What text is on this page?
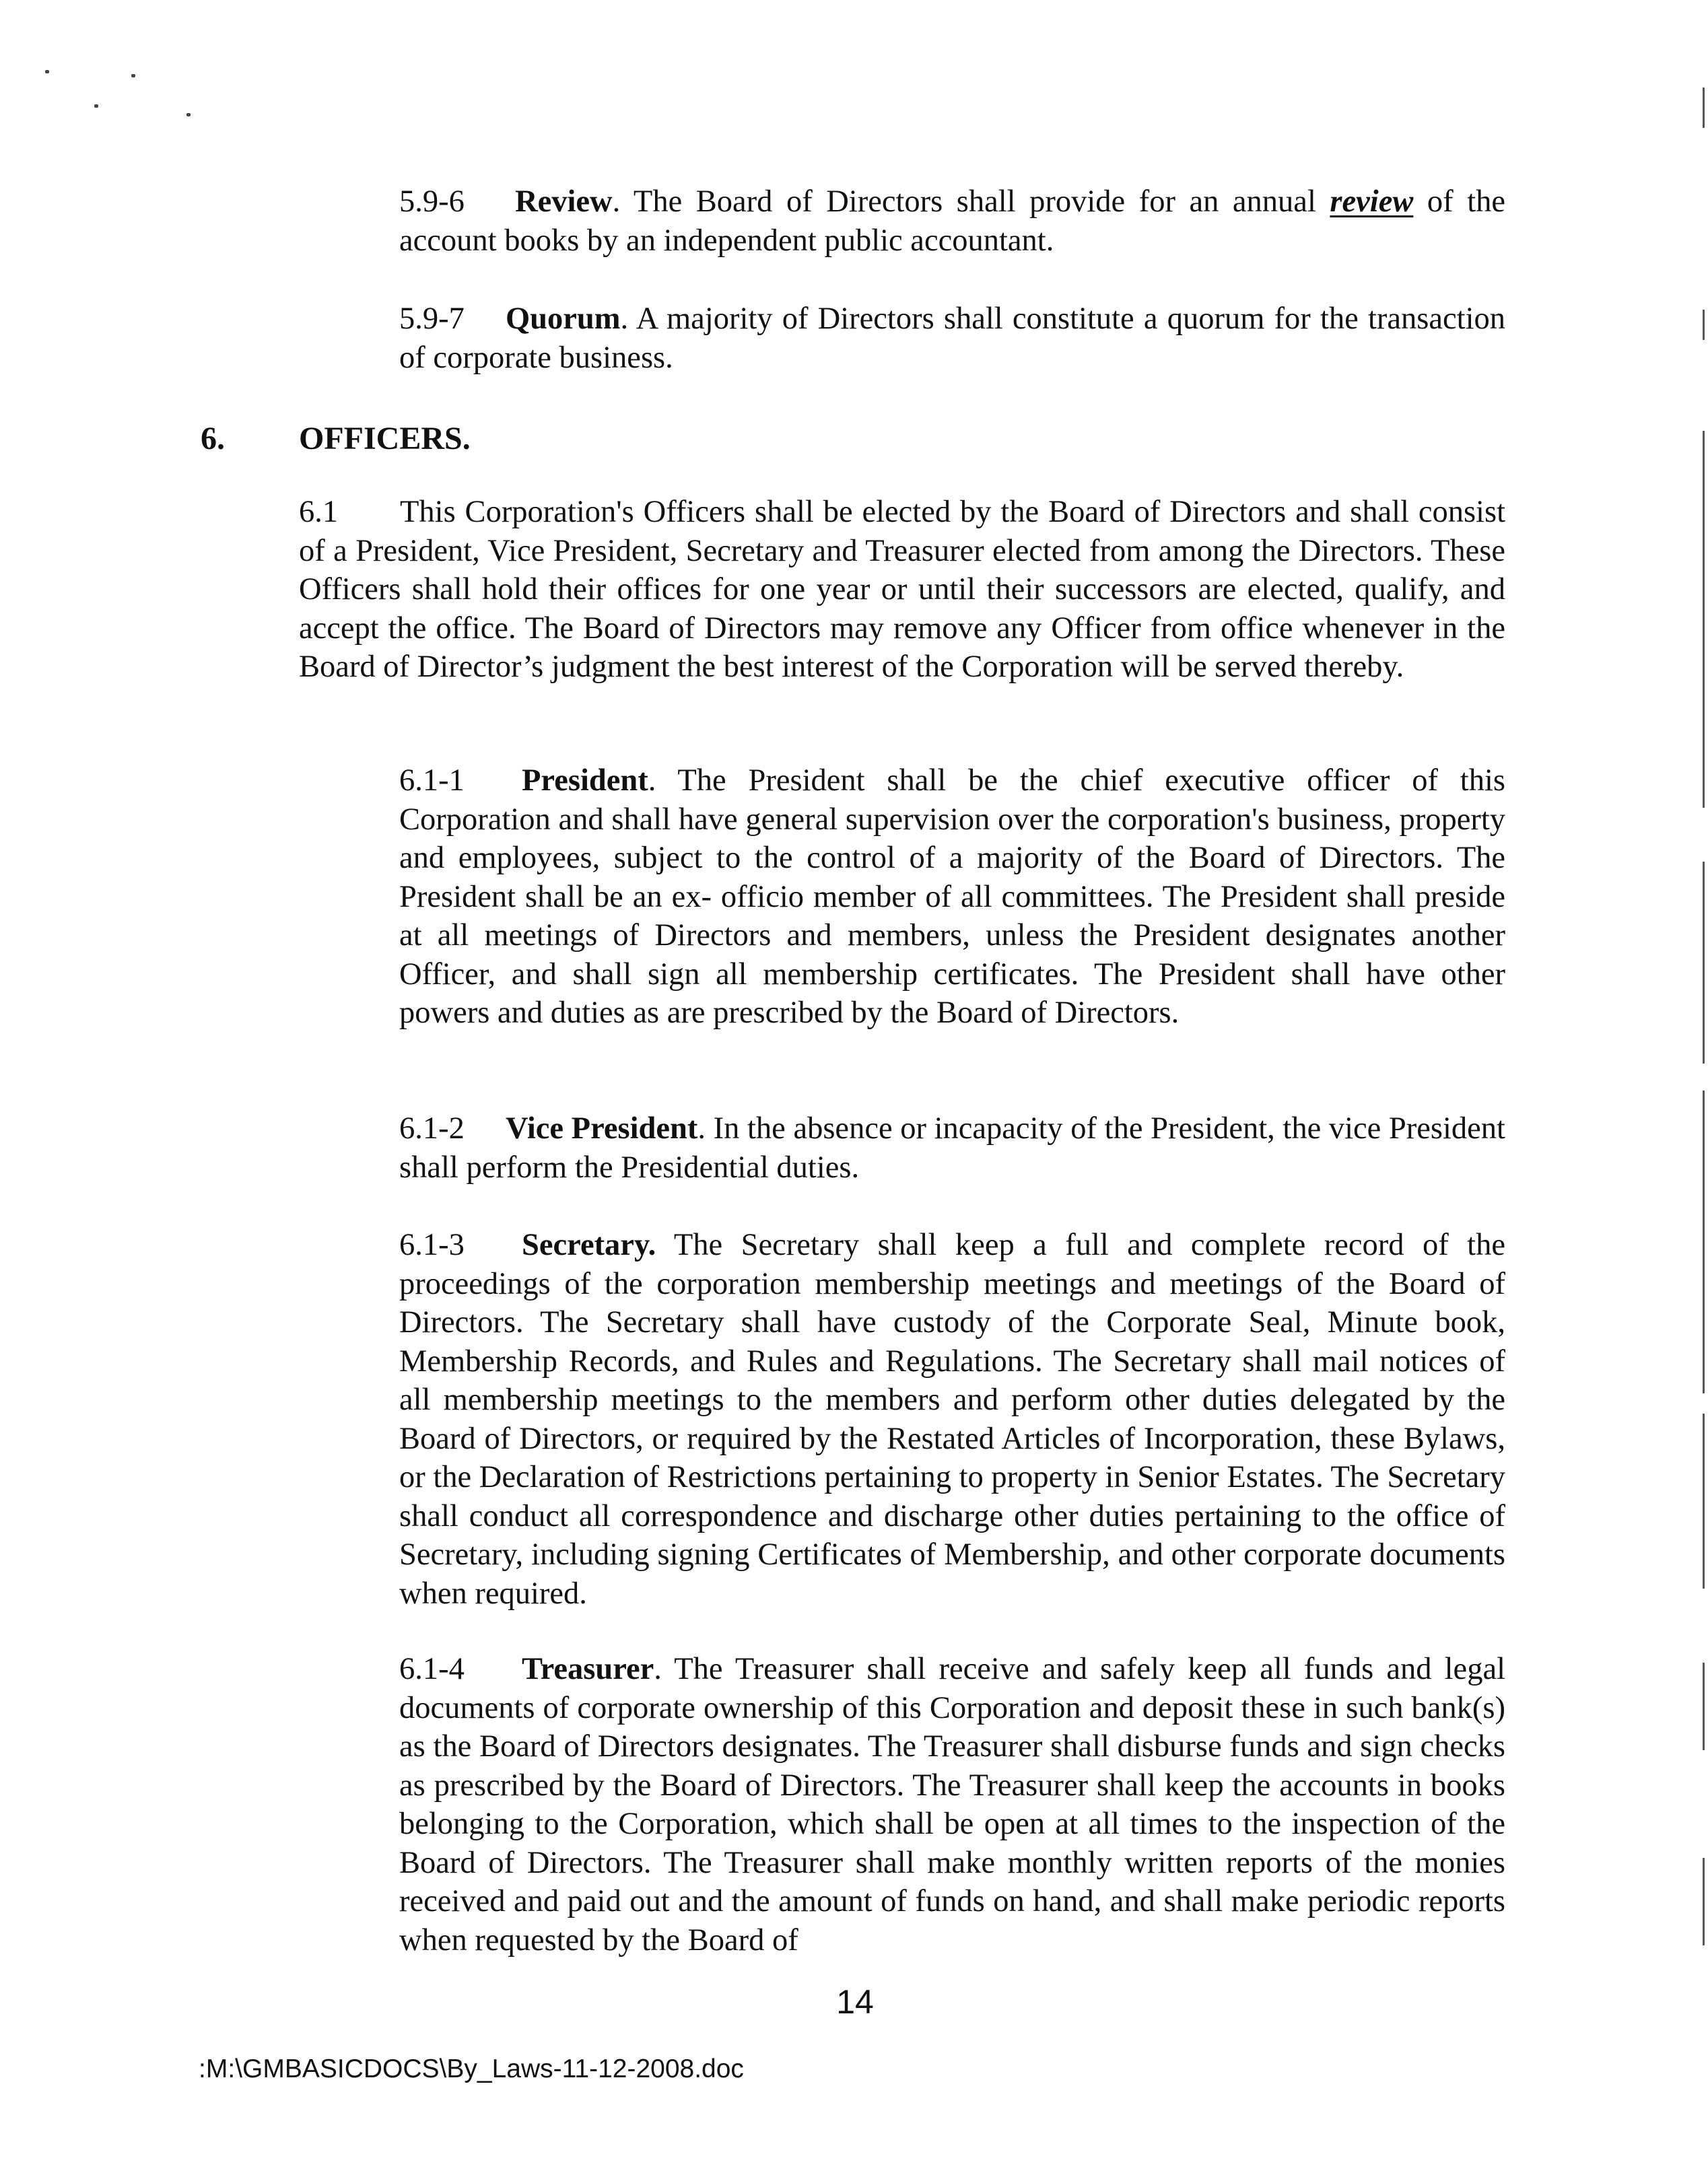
5.9-6 Review. The Board of Directors shall provide for an annual review of the account books by an independent public accountant.
5.9-7 Quorum. A majority of Directors shall constitute a quorum for the transaction of corporate business.
6. OFFICERS.
6.1 This Corporation's Officers shall be elected by the Board of Directors and shall consist of a President, Vice President, Secretary and Treasurer elected from among the Directors. These Officers shall hold their offices for one year or until their successors are elected, qualify, and accept the office. The Board of Directors may remove any Officer from office whenever in the Board of Director’s judgment the best interest of the Corporation will be served thereby.
6.1-1 President. The President shall be the chief executive officer of this Corporation and shall have general supervision over the corporation's business, property and employees, subject to the control of a majority of the Board of Directors. The President shall be an ex- officio member of all committees. The President shall preside at all meetings of Directors and members, unless the President designates another Officer, and shall sign all membership certificates. The President shall have other powers and duties as are prescribed by the Board of Directors.
6.1-2 Vice President. In the absence or incapacity of the President, the vice President shall perform the Presidential duties.
6.1-3 Secretary. The Secretary shall keep a full and complete record of the proceedings of the corporation membership meetings and meetings of the Board of Directors. The Secretary shall have custody of the Corporate Seal, Minute book, Membership Records, and Rules and Regulations. The Secretary shall mail notices of all membership meetings to the members and perform other duties delegated by the Board of Directors, or required by the Restated Articles of Incorporation, these Bylaws, or the Declaration of Restrictions pertaining to property in Senior Estates. The Secretary shall conduct all correspondence and discharge other duties pertaining to the office of Secretary, including signing Certificates of Membership, and other corporate documents when required.
6.1-4 Treasurer. The Treasurer shall receive and safely keep all funds and legal documents of corporate ownership of this Corporation and deposit these in such bank(s) as the Board of Directors designates. The Treasurer shall disburse funds and sign checks as prescribed by the Board of Directors. The Treasurer shall keep the accounts in books belonging to the Corporation, which shall be open at all times to the inspection of the Board of Directors. The Treasurer shall make monthly written reports of the monies received and paid out and the amount of funds on hand, and shall make periodic reports when requested by the Board of
14
:M:\GMBASICDOCS\By_Laws-11-12-2008.doc
